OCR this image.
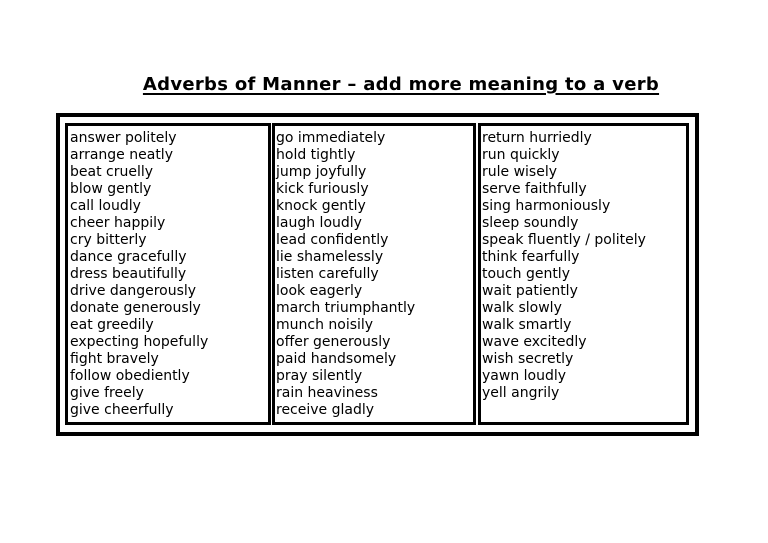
Adverbs of Manner – add more meaning to a verb
answer politely
arrange neatly
beat cruelly
blow gently
call loudly
cheer happily
cry bitterly
dance gracefully
dress beautifully
drive dangerously
donate generously
eat greedily
expecting hopefully
fight bravely
follow obediently
give freely
give cheerfully
go immediately
hold tightly
jump joyfully
kick furiously
knock gently
laugh loudly
lead confidently
lie shamelessly
listen carefully
look eagerly
march triumphantly
munch noisily
offer generously
paid handsomely
pray silently
rain heaviness
receive gladly
return hurriedly
run quickly
rule wisely
serve faithfully
sing harmoniously
sleep soundly
speak fluently / politely
think fearfully
touch gently
wait patiently
walk slowly
walk smartly
wave excitedly
wish secretly
yawn loudly
yell angrily
